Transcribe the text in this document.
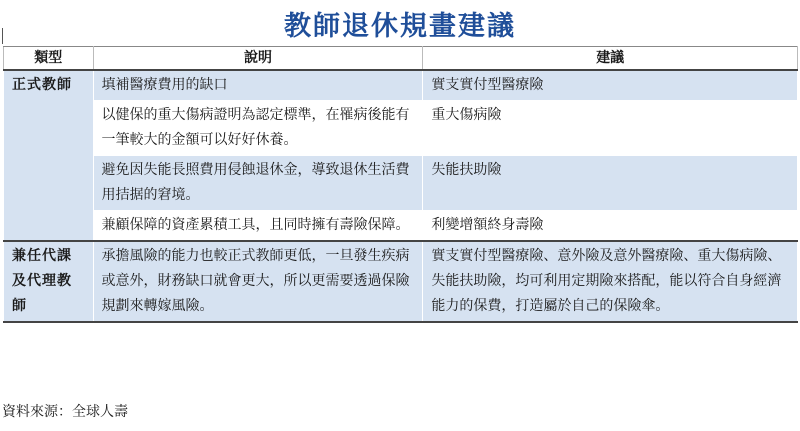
教師退休規畫建議
類型	說明	建議
正式教師	填補醫療費用的缺口	實支實付型醫療險
	以健保的重大傷病證明為認定標準，在罹病後能有一筆較大的金額可以好好休養。	重大傷病險
	避免因失能長照費用侵蝕退休金，導致退休生活費用拮据的窘境。	失能扶助險
	兼顧保障的資產累積工具，且同時擁有壽險保障。	利變增額終身壽險
兼任代課及代理教師	承擔風險的能力也較正式教師更低，一旦發生疾病或意外，財務缺口就會更大，所以更需要透過保險規劃來轉嫁風險。	實支實付型醫療險、意外險及意外醫療險、重大傷病險、失能扶助險，均可利用定期險來搭配，能以符合自身經濟能力的保費，打造屬於自己的保險傘。
資料來源：全球人壽
